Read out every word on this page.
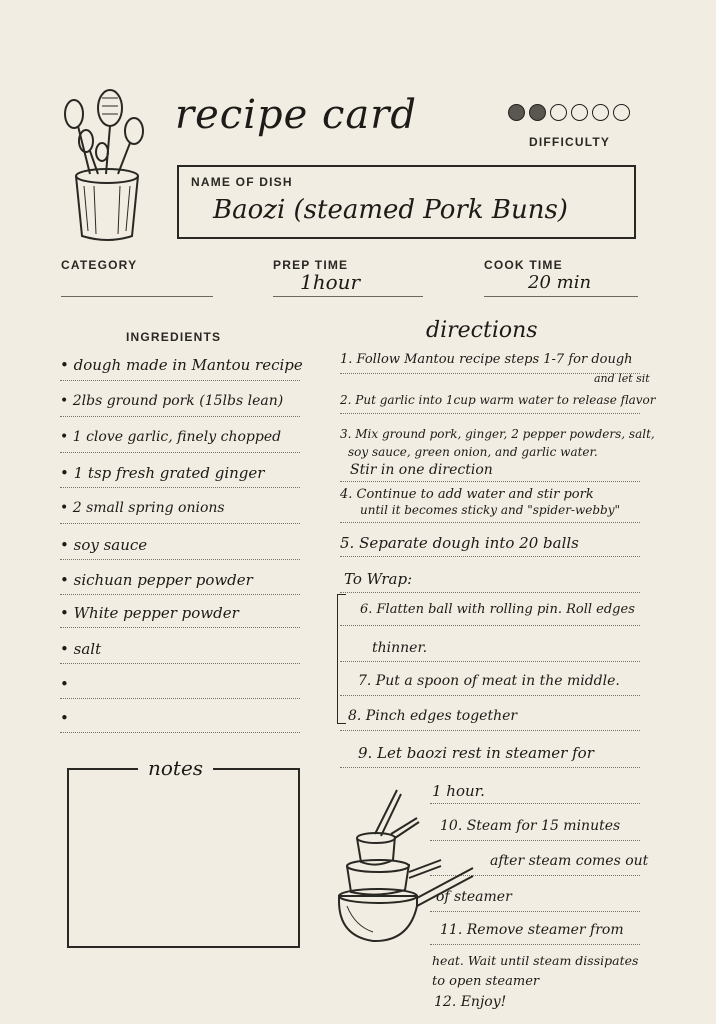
recipe card
DIFFICULTY
NAME OF DISH
Baozi (steamed Pork Buns)
CATEGORY	PREP TIME
1hour
COOK TIME
20 min
INGREDIENTS
• dough made in Mantou recipe
• 2lbs ground pork (15lbs lean)
• 1 clove garlic, finely chopped
• 1 tsp fresh grated ginger
• 2 small spring onions
• soy sauce
• sichuan pepper powder
• White pepper powder
• salt
•
•
notes
directions
1. Follow Mantou recipe steps 1-7 for dough
and let sit
2. Put garlic into 1cup warm water to release flavor
3. Mix ground pork, ginger, 2 pepper powders, salt,
soy sauce, green onion, and garlic water.
Stir in one direction
4. Continue to add water and stir pork
until it becomes sticky and "spider-webby"
5. Separate dough into 20 balls
To Wrap:
6. Flatten ball with rolling pin. Roll edges
thinner.
7. Put a spoon of meat in the middle.
8. Pinch edges together
9. Let baozi rest in steamer for
1 hour.
10. Steam for 15 minutes
after steam comes out
of steamer
11. Remove steamer from
heat. Wait until steam dissipates
to open steamer
12. Enjoy!
